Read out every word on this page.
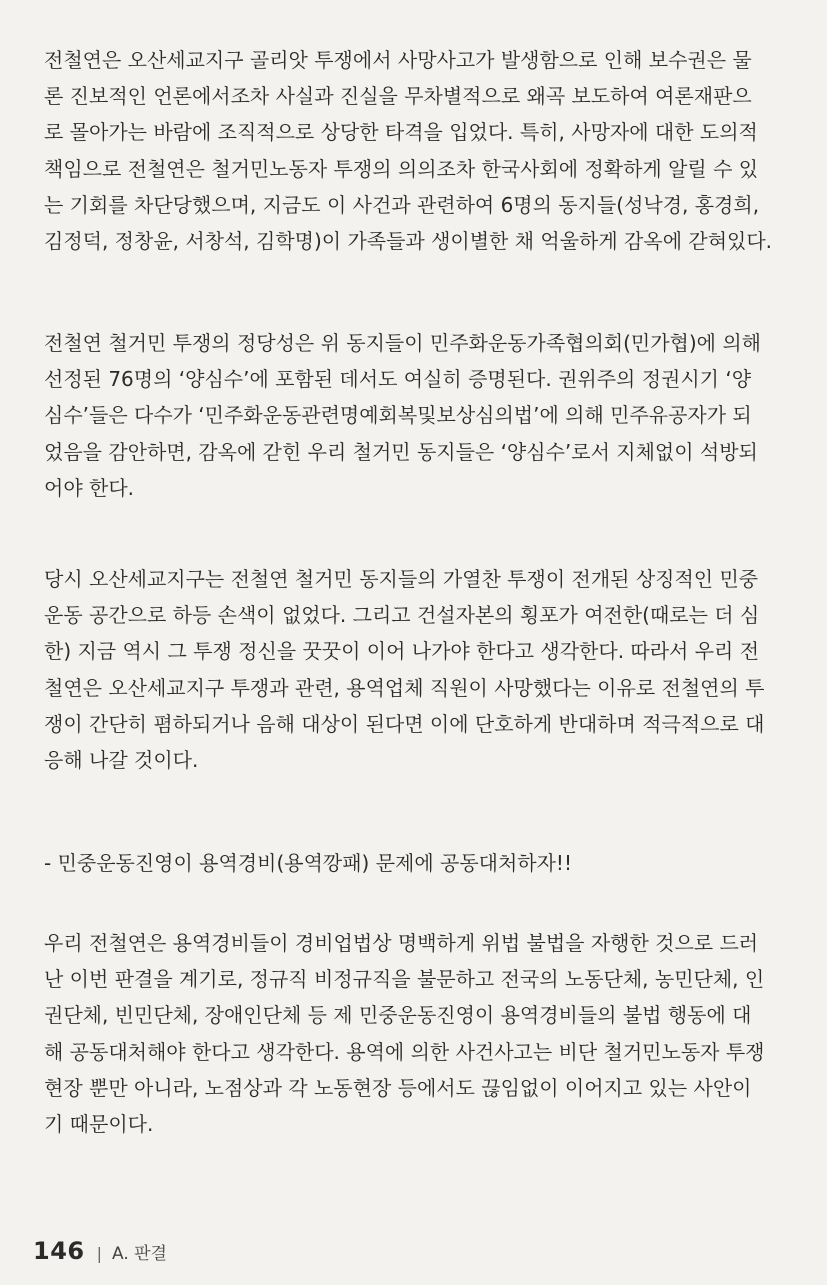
전철연은 오산세교지구 골리앗 투쟁에서 사망사고가 발생함으로 인해 보수권은 물
론 진보적인 언론에서조차 사실과 진실을 무차별적으로 왜곡 보도하여 여론재판으
로 몰아가는 바람에 조직적으로 상당한 타격을 입었다. 특히, 사망자에 대한 도의적
책임으로 전철연은 철거민노동자 투쟁의 의의조차 한국사회에 정확하게 알릴 수 있
는 기회를 차단당했으며, 지금도 이 사건과 관련하여 6명의 동지들(성낙경, 홍경희,
김정덕, 정창윤, 서창석, 김학명)이 가족들과 생이별한 채 억울하게 감옥에 갇혀있다.
전철연 철거민 투쟁의 정당성은 위 동지들이 민주화운동가족협의회(민가협)에 의해
선정된 76명의 ‘양심수’에 포함된 데서도 여실히 증명된다. 권위주의 정권시기 ‘양
심수’들은 다수가 ‘민주화운동관련명예회복및보상심의법’에 의해 민주유공자가 되
었음을 감안하면, 감옥에 갇힌 우리 철거민 동지들은 ‘양심수’로서 지체없이 석방되
어야 한다.
당시 오산세교지구는 전철연 철거민 동지들의 가열찬 투쟁이 전개된 상징적인 민중
운동 공간으로 하등 손색이 없었다. 그리고 건설자본의 횡포가 여전한(때로는 더 심
한) 지금 역시 그 투쟁 정신을 꿋꿋이 이어 나가야 한다고 생각한다. 따라서 우리 전
철연은 오산세교지구 투쟁과 관련, 용역업체 직원이 사망했다는 이유로 전철연의 투
쟁이 간단히 폄하되거나 음해 대상이 된다면 이에 단호하게 반대하며 적극적으로 대
응해 나갈 것이다.
- 민중운동진영이 용역경비(용역깡패) 문제에 공동대처하자!!
우리 전철연은 용역경비들이 경비업법상 명백하게 위법 불법을 자행한 것으로 드러
난 이번 판결을 계기로, 정규직 비정규직을 불문하고 전국의 노동단체, 농민단체, 인
권단체, 빈민단체, 장애인단체 등 제 민중운동진영이 용역경비들의 불법 행동에 대
해 공동대처해야 한다고 생각한다. 용역에 의한 사건사고는 비단 철거민노동자 투쟁
현장 뿐만 아니라, 노점상과 각 노동현장 등에서도 끊임없이 이어지고 있는 사안이
기 때문이다.
146 | A. 판결
